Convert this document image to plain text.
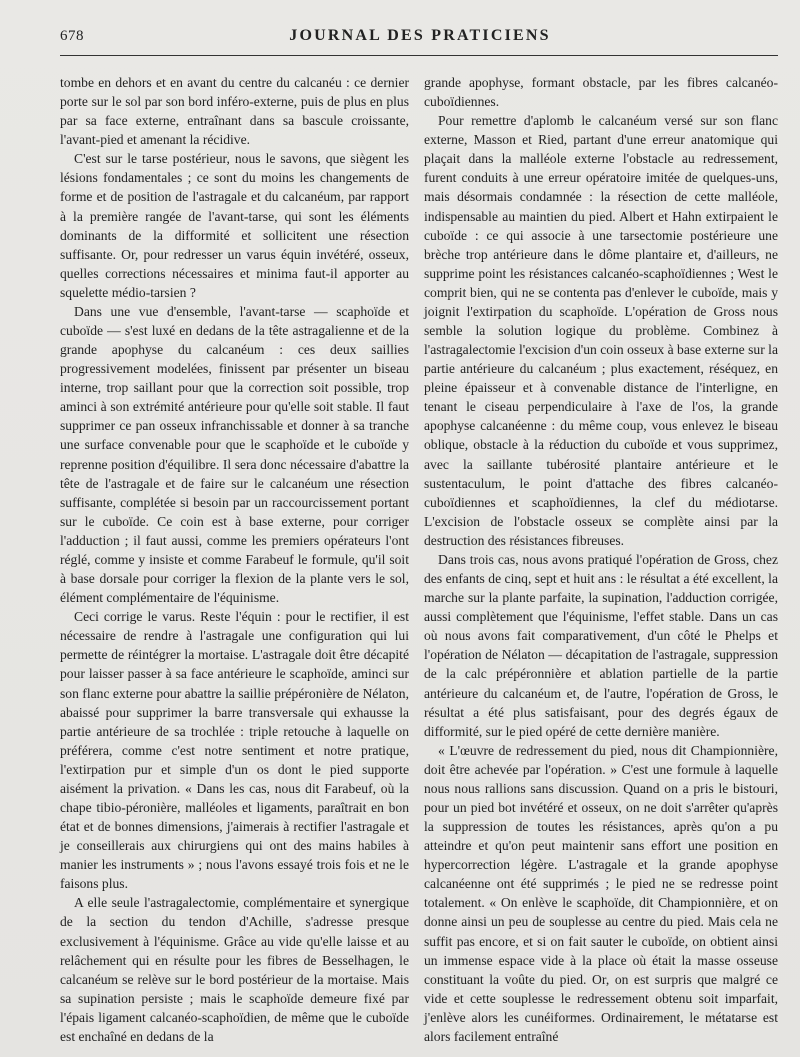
678	JOURNAL DES PRATICIENS

tombe en dehors et en avant du centre du calcanéu : ce dernier porte sur le sol par son bord inféro-externe, puis de plus en plus par sa face externe, entraînant dans sa bascule croissante, l'avant-pied et amenant la récidive.

C'est sur le tarse postérieur, nous le savons, que siègent les lésions fondamentales ; ce sont du moins les changements de forme et de position de l'astragale et du calcanéum, par rapport à la première rangée de l'avant-tarse, qui sont les éléments dominants de la difformité et sollicitent une résection suffisante. Or, pour redresser un varus équin invétéré, osseux, quelles corrections nécessaires et minima faut-il apporter au squelette médio-tarsien ?

Dans une vue d'ensemble, l'avant-tarse — scaphoïde et cuboïde — s'est luxé en dedans de la tête astragalienne et de la grande apophyse du calcanéum : ces deux saillies progressivement modelées, finissent par présenter un biseau interne, trop saillant pour que la correction soit possible, trop aminci à son extrémité antérieure pour qu'elle soit stable. Il faut supprimer ce pan osseux infranchissable et donner à sa tranche une surface convenable pour que le scaphoïde et le cuboïde y reprenne position d'équilibre. Il sera donc nécessaire d'abattre la tête de l'astragale et de faire sur le calcanéum une résection suffisante, complétée si besoin par un raccourcissement portant sur le cuboïde. Ce coin est à base externe, pour corriger l'adduction ; il faut aussi, comme les premiers opérateurs l'ont réglé, comme y insiste et comme Farabeuf le formule, qu'il soit à base dorsale pour corriger la flexion de la plante vers le sol, élément complémentaire de l'équinisme.

Ceci corrige le varus. Reste l'équin : pour le rectifier, il est nécessaire de rendre à l'astragale une configuration qui lui permette de réintégrer la mortaise. L'astragale doit être décapité pour laisser passer à sa face antérieure le scaphoïde, aminci sur son flanc externe pour abattre la saillie prépéronière de Nélaton, abaissé pour supprimer la barre transversale qui exhausse la partie antérieure de sa trochlée : triple retouche à laquelle on préférera, comme c'est notre sentiment et notre pratique, l'extirpation pur et simple d'un os dont le pied supporte aisément la privation. « Dans les cas, nous dit Farabeuf, où la chape tibio-péronière, malléoles et ligaments, paraîtrait en bon état et de bonnes dimensions, j'aimerais à rectifier l'astragale et je conseillerais aux chirurgiens qui ont des mains habiles à manier les instruments » ; nous l'avons essayé trois fois et ne le faisons plus.

A elle seule l'astragalectomie, complémentaire et synergique de la section du tendon d'Achille, s'adresse presque exclusivement à l'équinisme. Grâce au vide qu'elle laisse et au relâchement qui en résulte pour les fibres de Besselhagen, le calcanéum se relève sur le bord postérieur de la mortaise. Mais sa supination persiste ; mais le scaphoïde demeure fixé par l'épais ligament calcanéo-scaphoïdien, de même que le cuboïde est enchaîné en dedans de la

grande apophyse, formant obstacle, par les fibres calcanéo-cuboïdiennes.

Pour remettre d'aplomb le calcanéum versé sur son flanc externe, Masson et Ried, partant d'une erreur anatomique qui plaçait dans la malléole externe l'obstacle au redressement, furent conduits à une erreur opératoire imitée de quelques-uns, mais désormais condamnée : la résection de cette malléole, indispensable au maintien du pied. Albert et Hahn extirpaient le cuboïde : ce qui associe à une tarsectomie postérieure une brèche trop antérieure dans le dôme plantaire et, d'ailleurs, ne supprime point les résistances calcanéo-scaphoïdiennes ; West le comprit bien, qui ne se contenta pas d'enlever le cuboïde, mais y joignit l'extirpation du scaphoïde. L'opération de Gross nous semble la solution logique du problème. Combinez à l'astragalectomie l'excision d'un coin osseux à base externe sur la partie antérieure du calcanéum ; plus exactement, réséquez, en pleine épaisseur et à convenable distance de l'interligne, en tenant le ciseau perpendiculaire à l'axe de l'os, la grande apophyse calcanéenne : du même coup, vous enlevez le biseau oblique, obstacle à la réduction du cuboïde et vous supprimez, avec la saillante tubérosité plantaire antérieure et le sustentaculum, le point d'attache des fibres calcanéo-cuboïdiennes et scaphoïdiennes, la clef du médiotarse. L'excision de l'obstacle osseux se complète ainsi par la destruction des résistances fibreuses.

Dans trois cas, nous avons pratiqué l'opération de Gross, chez des enfants de cinq, sept et huit ans : le résultat a été excellent, la marche sur la plante parfaite, la supination, l'adduction corrigée, aussi complètement que l'équinisme, l'effet stable. Dans un cas où nous avons fait comparativement, d'un côté le Phelps et l'opération de Nélaton — décapitation de l'astragale, suppression de la calc prépéronnière et ablation partielle de la partie antérieure du calcanéum et, de l'autre, l'opération de Gross, le résultat a été plus satisfaisant, pour des degrés égaux de difformité, sur le pied opéré de cette dernière manière.

« L'œuvre de redressement du pied, nous dit Championnière, doit être achevée par l'opération. » C'est une formule à laquelle nous nous rallions sans discussion. Quand on a pris le bistouri, pour un pied bot invétéré et osseux, on ne doit s'arrêter qu'après la suppression de toutes les résistances, après qu'on a pu atteindre et qu'on peut maintenir sans effort une position en hypercorrection légère. L'astragale et la grande apophyse calcanéenne ont été supprimés ; le pied ne se redresse point totalement. « On enlève le scaphoïde, dit Championnière, et on donne ainsi un peu de souplesse au centre du pied. Mais cela ne suffit pas encore, et si on fait sauter le cuboïde, on obtient ainsi un immense espace vide à la place où était la masse osseuse constituant la voûte du pied. Or, on est surpris que malgré ce vide et cette souplesse le redressement obtenu soit imparfait, j'enlève alors les cunéiformes. Ordinairement, le métatarse est alors facilement entraîné
